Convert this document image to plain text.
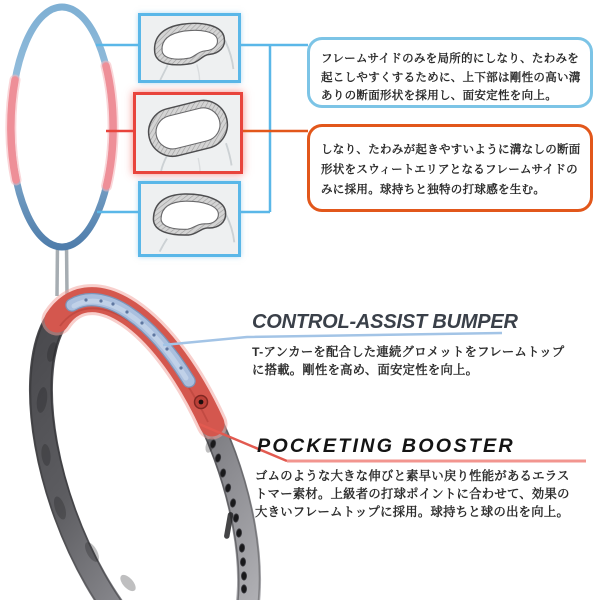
フレームサイドのみを局所的にしなり、たわみを
起こしやすくするために、上下部は剛性の高い溝
ありの断面形状を採用し、面安定性を向上。
しなり、たわみが起きやすいように溝なしの断面
形状をスウィートエリアとなるフレームサイドの
みに採用。球持ちと独特の打球感を生む。
CONTROL-ASSIST BUMPER
T-アンカーを配合した連続グロメットをフレームトップ
に搭載。剛性を高め、面安定性を向上。
POCKETING BOOSTER
ゴムのような大きな伸びと素早い戻り性能があるエラス
トマー素材。上級者の打球ポイントに合わせて、効果の
大きいフレームトップに採用。球持ちと球の出を向上。
